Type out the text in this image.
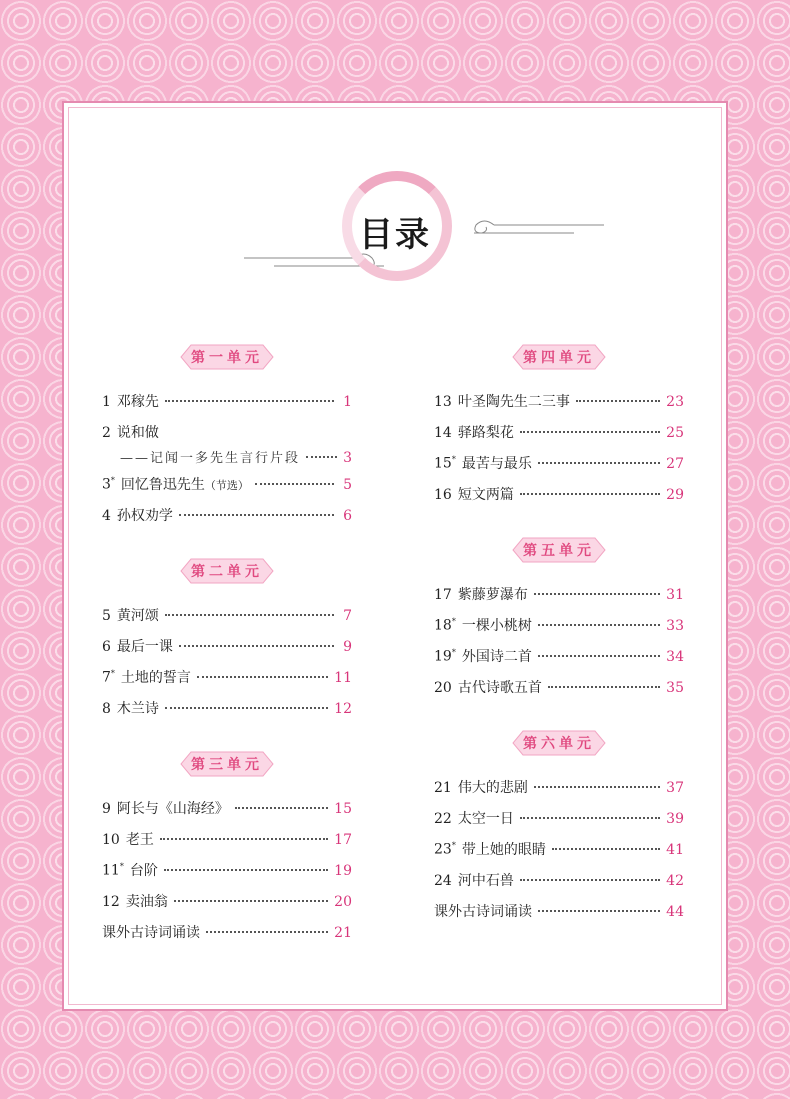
目录
第一单元
1 邓稼先	1
2 说和做
——记闻一多先生言行片段	3
3* 回忆鲁迅先生 （节选）	5
4 孙权劝学	6
第二单元
5 黄河颂	7
6 最后一课	9
7* 土地的誓言	11
8 木兰诗	12
第三单元
9 阿长与《山海经》	15
10 老王	17
11* 台阶	19
12 卖油翁	20
课外古诗词诵读	21
第四单元
13 叶圣陶先生二三事	23
14 驿路梨花	25
15* 最苦与最乐	27
16 短文两篇	29
第五单元
17 紫藤萝瀑布	31
18* 一棵小桃树	33
19* 外国诗二首	34
20 古代诗歌五首	35
第六单元
21 伟大的悲剧	37
22 太空一日	39
23* 带上她的眼睛	41
24 河中石兽	42
课外古诗词诵读	44
